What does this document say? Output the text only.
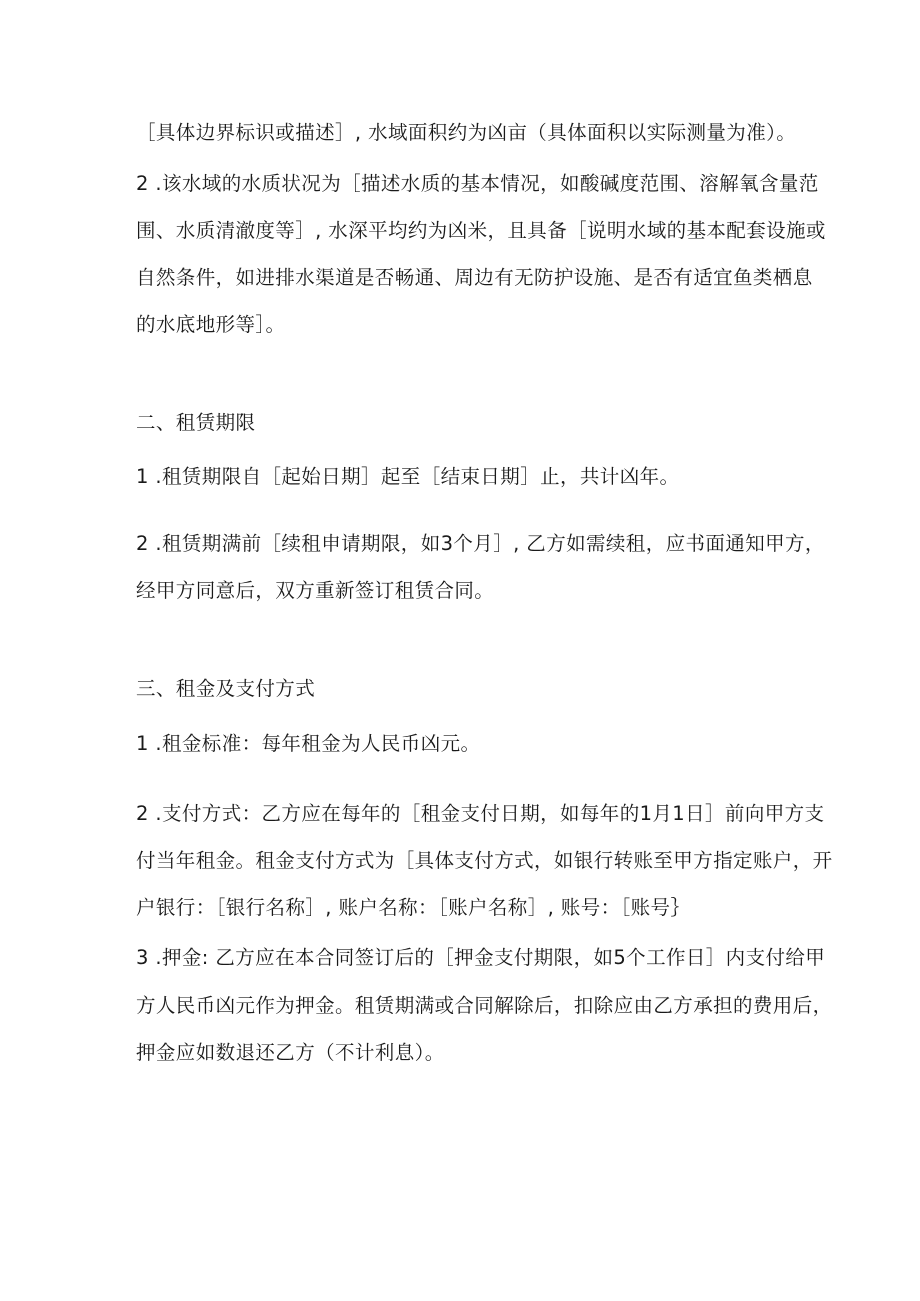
［具体边界标识或描述］, 水域面积约为凶亩（具体面积以实际测量为准）。
2 .该水域的水质状况为［描述水质的基本情况，如酸碱度范围、溶解氧含量范
围、水质清澈度等］, 水深平均约为凶米，且具备［说明水域的基本配套设施或
自然条件，如进排水渠道是否畅通、周边有无防护设施、是否有适宜鱼类栖息
的水底地形等］。
二、租赁期限
1 .租赁期限自［起始日期］起至［结束日期］止，共计凶年。
2 .租赁期满前［续租申请期限，如3个月］, 乙方如需续租，应书面通知甲方，
经甲方同意后，双方重新签订租赁合同。
三、租金及支付方式
1 .租金标准：每年租金为人民币凶元。
2 .支付方式：乙方应在每年的［租金支付日期，如每年的1月1日］前向甲方支
付当年租金。租金支付方式为［具体支付方式，如银行转账至甲方指定账户，开
户银行：［银行名称］, 账户名称：［账户名称］, 账号：［账号｝
3 .押金: 乙方应在本合同签订后的［押金支付期限，如5个工作日］内支付给甲
方人民币凶元作为押金。租赁期满或合同解除后，扣除应由乙方承担的费用后，
押金应如数退还乙方（不计利息）。
